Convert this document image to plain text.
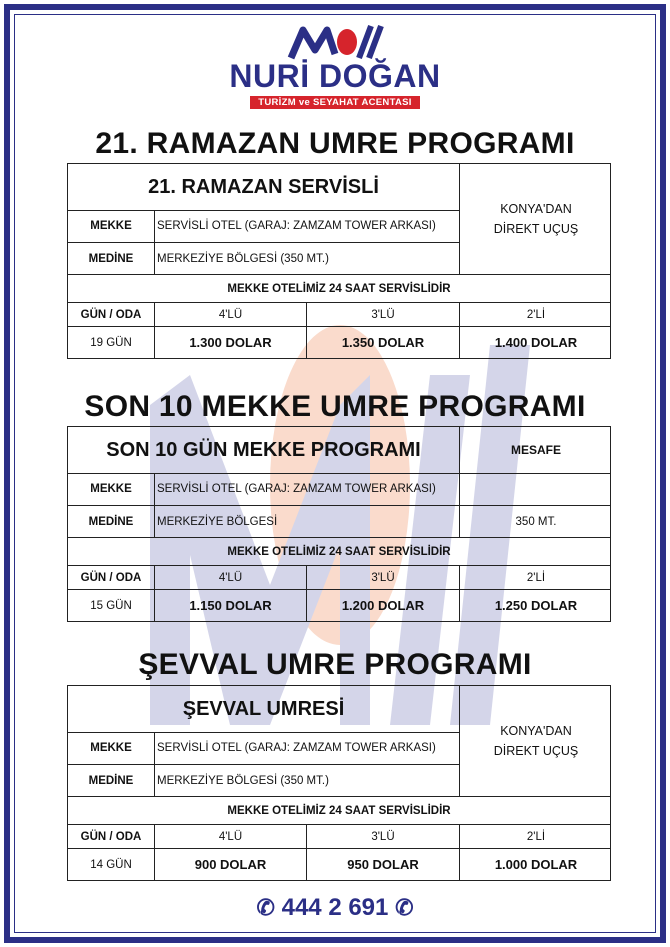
NURİ DOĞAN
TURİZM ve SEYAHAT ACENTASI
21. RAMAZAN UMRE PROGRAMI
21. RAMAZAN SERVİSLİ
KONYA'DAN DİREKT UÇUŞ
MEKKE	SERVİSLİ OTEL (GARAJ: ZAMZAM TOWER ARKASI)
MEDİNE	MERKEZİYE BÖLGESİ (350 MT.)
MEKKE OTELİMİZ 24 SAAT SERVİSLİDİR
GÜN / ODA	4'LÜ	3'LÜ	2'Lİ
19 GÜN	1.300 DOLAR	1.350 DOLAR	1.400 DOLAR
SON 10 MEKKE UMRE PROGRAMI
SON 10 GÜN MEKKE PROGRAMI	MESAFE
MEKKE	SERVİSLİ OTEL (GARAJ: ZAMZAM TOWER ARKASI)
MEDİNE	MERKEZİYE BÖLGESİ	350 MT.
MEKKE OTELİMİZ 24 SAAT SERVİSLİDİR
GÜN / ODA	4'LÜ	3'LÜ	2'Lİ
15 GÜN	1.150 DOLAR	1.200 DOLAR	1.250 DOLAR
ŞEVVAL UMRE PROGRAMI
ŞEVVAL UMRESİ
KONYA'DAN DİREKT UÇUŞ
MEKKE	SERVİSLİ OTEL (GARAJ: ZAMZAM TOWER ARKASI)
MEDİNE	MERKEZİYE BÖLGESİ (350 MT.)
MEKKE OTELİMİZ 24 SAAT SERVİSLİDİR
GÜN / ODA	4'LÜ	3'LÜ	2'Lİ
14 GÜN	900 DOLAR	950 DOLAR	1.000 DOLAR
✆ 444 2 691 ✆
